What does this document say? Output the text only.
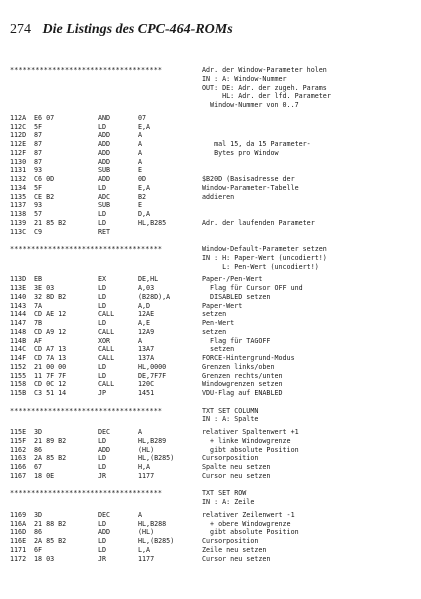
274 Die Listings des CPC-464-ROMs
************************************	Adr. der Window-Parameter holen
IN : A: Window-Nummer
OUT: DE: Adr. der zugeh. Params
HL: Adr. der lfd. Parameter
Window-Nummer von 0..7
112A E6 07	AND	07
112C 5F	LD	E,A
112D 87	ADD	A
112E 87	ADD	A	mal 15, da 15 Parameter-
112F 87	ADD	A	Bytes pro Window
1130 87	ADD	A
1131 93	SUB	E
1132 C6 0D	ADD	0D	$B20D (Basisadresse der
1134 5F	LD	E,A	Window-Parameter-Tabelle
1135 CE B2	ADC	B2	addieren
1137 93	SUB	E
1138 57	LD	D,A
1139 21 85 B2	LD	HL,B285	Adr. der laufenden Parameter
113C C9	RET
************************************	Window-Default-Parameter setzen
IN : H: Paper-Wert (uncodiert!)
L: Pen-Wert (uncodiert!)
113D EB	EX	DE,HL	Paper-/Pen-Wert
113E 3E 03	LD	A,03	Flag für Cursor OFF und
1140 32 8D B2	LD	(B28D),A	DISABLED setzen
1143 7A	LD	A,D	Paper-Wert
1144 CD AE 12	CALL	12AE	setzen
1147 7B	LD	A,E	Pen-Wert
1148 CD A9 12	CALL	12A9	setzen
114B AF	XOR	A	Flag für TAGOFF
114C CD A7 13	CALL	13A7	setzen
114F CD 7A 13	CALL	137A	FORCE-Hintergrund-Modus
1152 21 00 00	LD	HL,0000	Grenzen links/oben
1155 11 7F 7F	LD	DE,7F7F	Grenzen rechts/unten
1158 CD 0C 12	CALL	120C	Windowgrenzen setzen
115B C3 51 14	JP	1451	VDU-Flag auf ENABLED
************************************	TXT SET COLUMN
IN : A: Spalte
115E 3D	DEC	A	relativer Spaltenwert +1
115F 21 89 B2	LD	HL,B289	+ linke Windowgrenze
1162 86	ADD	(HL)	gibt absolute Position
1163 2A 85 B2	LD	HL,(B285)	Cursorposition
1166 67	LD	H,A	Spalte neu setzen
1167 18 0E	JR	1177	Cursor neu setzen
************************************	TXT SET ROW
IN : A: Zeile
1169 3D	DEC	A	relativer Zeilenwert -1
116A 21 88 B2	LD	HL,B288	+ obere Windowgrenze
116D 86	ADD	(HL)	gibt absolute Position
116E 2A 85 B2	LD	HL,(B285)	Cursorposition
1171 6F	LD	L,A	Zeile neu setzen
1172 18 03	JR	1177	Cursor neu setzen
